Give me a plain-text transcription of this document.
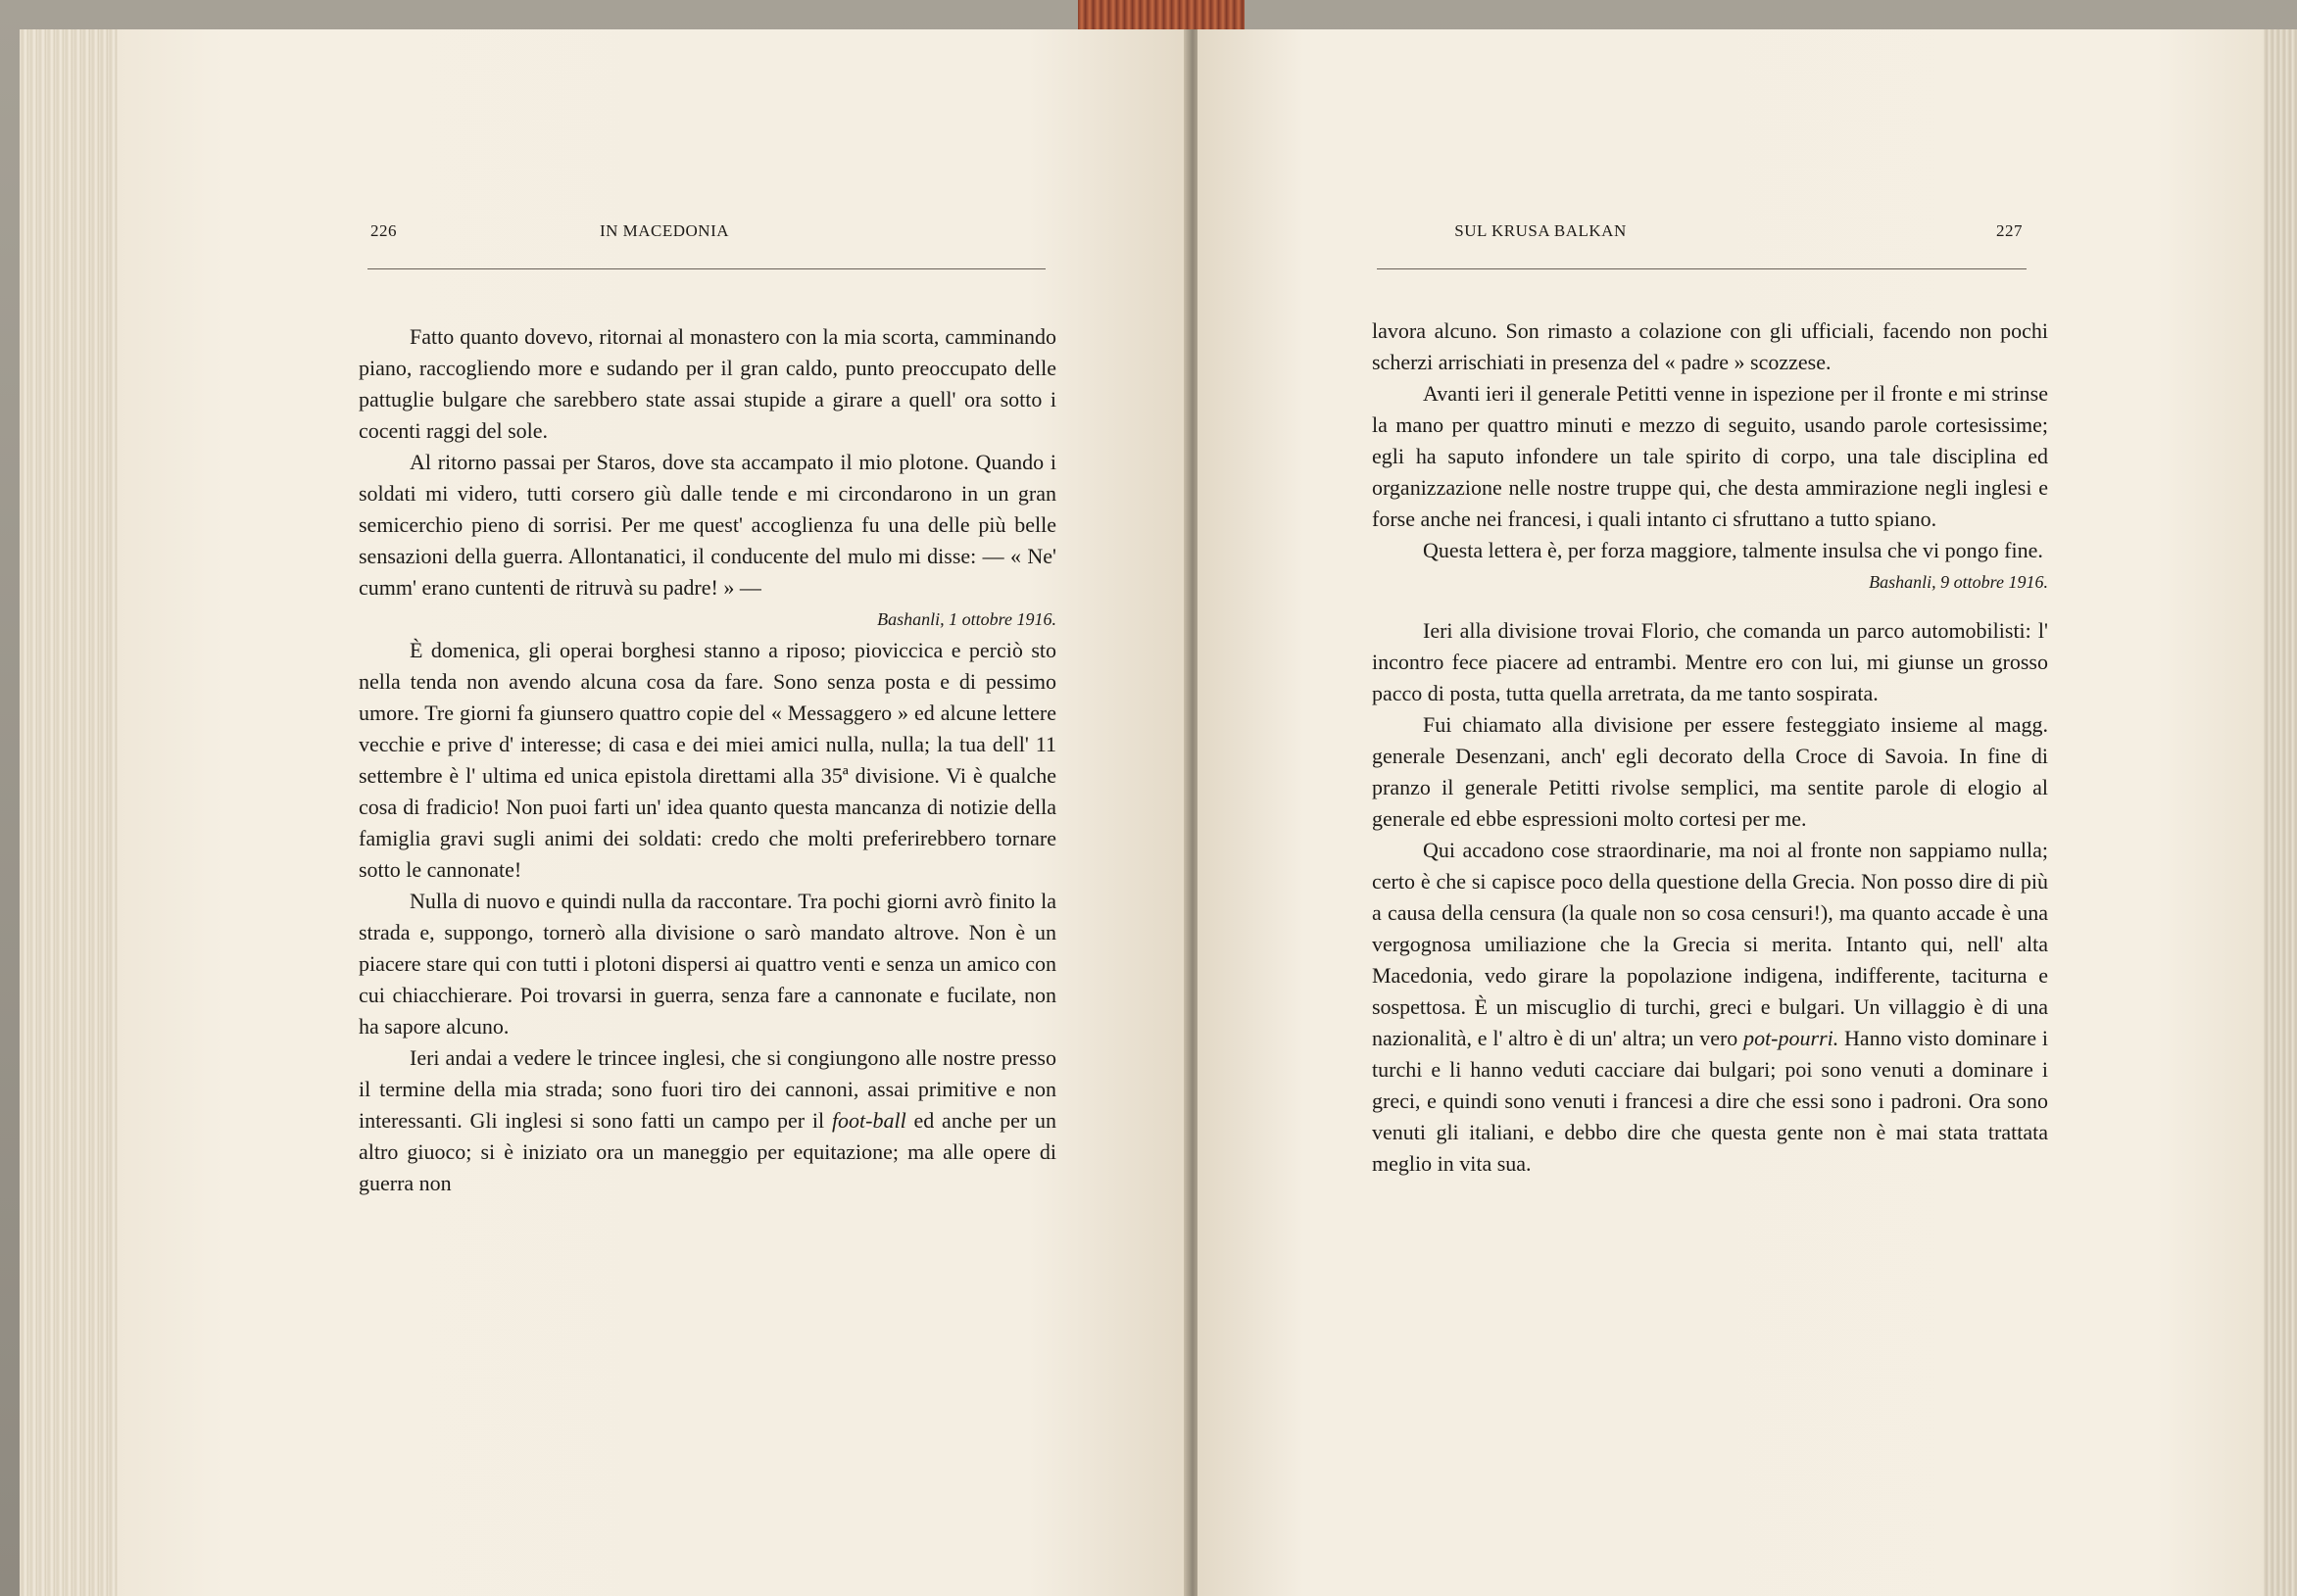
226	IN MACEDONIA

Fatto quanto dovevo, ritornai al monastero con la mia scorta, camminando piano, raccogliendo more e sudando per il gran caldo, punto preoccupato delle pattuglie bulgare che sarebbero state assai stupide a girare a quell' ora sotto i cocenti raggi del sole.

Al ritorno passai per Staros, dove sta accampato il mio plotone. Quando i soldati mi videro, tutti corsero giù dalle tende e mi circondarono in un gran semicerchio pieno di sorrisi. Per me quest' accoglienza fu una delle più belle sensazioni della guerra. Allontanatici, il conducente del mulo mi disse: — « Ne' cumm' erano cuntenti de ritruvà su padre! » —

Bashanli, 1 ottobre 1916.

È domenica, gli operai borghesi stanno a riposo; pioviccica e perciò sto nella tenda non avendo alcuna cosa da fare. Sono senza posta e di pessimo umore. Tre giorni fa giunsero quattro copie del « Messaggero » ed alcune lettere vecchie e prive d' interesse; di casa e dei miei amici nulla, nulla; la tua dell' 11 settembre è l' ultima ed unica epistola direttami alla 35ª divisione. Vi è qualche cosa di fradicio! Non puoi farti un' idea quanto questa mancanza di notizie della famiglia gravi sugli animi dei soldati: credo che molti preferirebbero tornare sotto le cannonate!

Nulla di nuovo e quindi nulla da raccontare. Tra pochi giorni avrò finito la strada e, suppongo, tornerò alla divisione o sarò mandato altrove. Non è un piacere stare qui con tutti i plotoni dispersi ai quattro venti e senza un amico con cui chiacchierare. Poi trovarsi in guerra, senza fare a cannonate e fucilate, non ha sapore alcuno.

Ieri andai a vedere le trincee inglesi, che si congiungono alle nostre presso il termine della mia strada; sono fuori tiro dei cannoni, assai primitive e non interessanti. Gli inglesi si sono fatti un campo per il foot-ball ed anche per un altro giuoco; si è iniziato ora un maneggio per equitazione; ma alle opere di guerra non

SUL KRUSA BALKAN	227

lavora alcuno. Son rimasto a colazione con gli ufficiali, facendo non pochi scherzi arrischiati in presenza del « padre » scozzese.

Avanti ieri il generale Petitti venne in ispezione per il fronte e mi strinse la mano per quattro minuti e mezzo di seguito, usando parole cortesissime; egli ha saputo infondere un tale spirito di corpo, una tale disciplina ed organizzazione nelle nostre truppe qui, che desta ammirazione negli inglesi e forse anche nei francesi, i quali intanto ci sfruttano a tutto spiano.

Questa lettera è, per forza maggiore, talmente insulsa che vi pongo fine.

Bashanli, 9 ottobre 1916.

Ieri alla divisione trovai Florio, che comanda un parco automobilisti: l' incontro fece piacere ad entrambi. Mentre ero con lui, mi giunse un grosso pacco di posta, tutta quella arretrata, da me tanto sospirata.

Fui chiamato alla divisione per essere festeggiato insieme al magg. generale Desenzani, anch' egli decorato della Croce di Savoia. In fine di pranzo il generale Petitti rivolse semplici, ma sentite parole di elogio al generale ed ebbe espressioni molto cortesi per me.

Qui accadono cose straordinarie, ma noi al fronte non sappiamo nulla; certo è che si capisce poco della questione della Grecia. Non posso dire di più a causa della censura (la quale non so cosa censuri!), ma quanto accade è una vergognosa umiliazione che la Grecia si merita. Intanto qui, nell' alta Macedonia, vedo girare la popolazione indigena, indifferente, taciturna e sospettosa. È un miscuglio di turchi, greci e bulgari. Un villaggio è di una nazionalità, e l' altro è di un' altra; un vero pot-pourri. Hanno visto dominare i turchi e li hanno veduti cacciare dai bulgari; poi sono venuti a dominare i greci, e quindi sono venuti i francesi a dire che essi sono i padroni. Ora sono venuti gli italiani, e debbo dire che questa gente non è mai stata trattata meglio in vita sua.
